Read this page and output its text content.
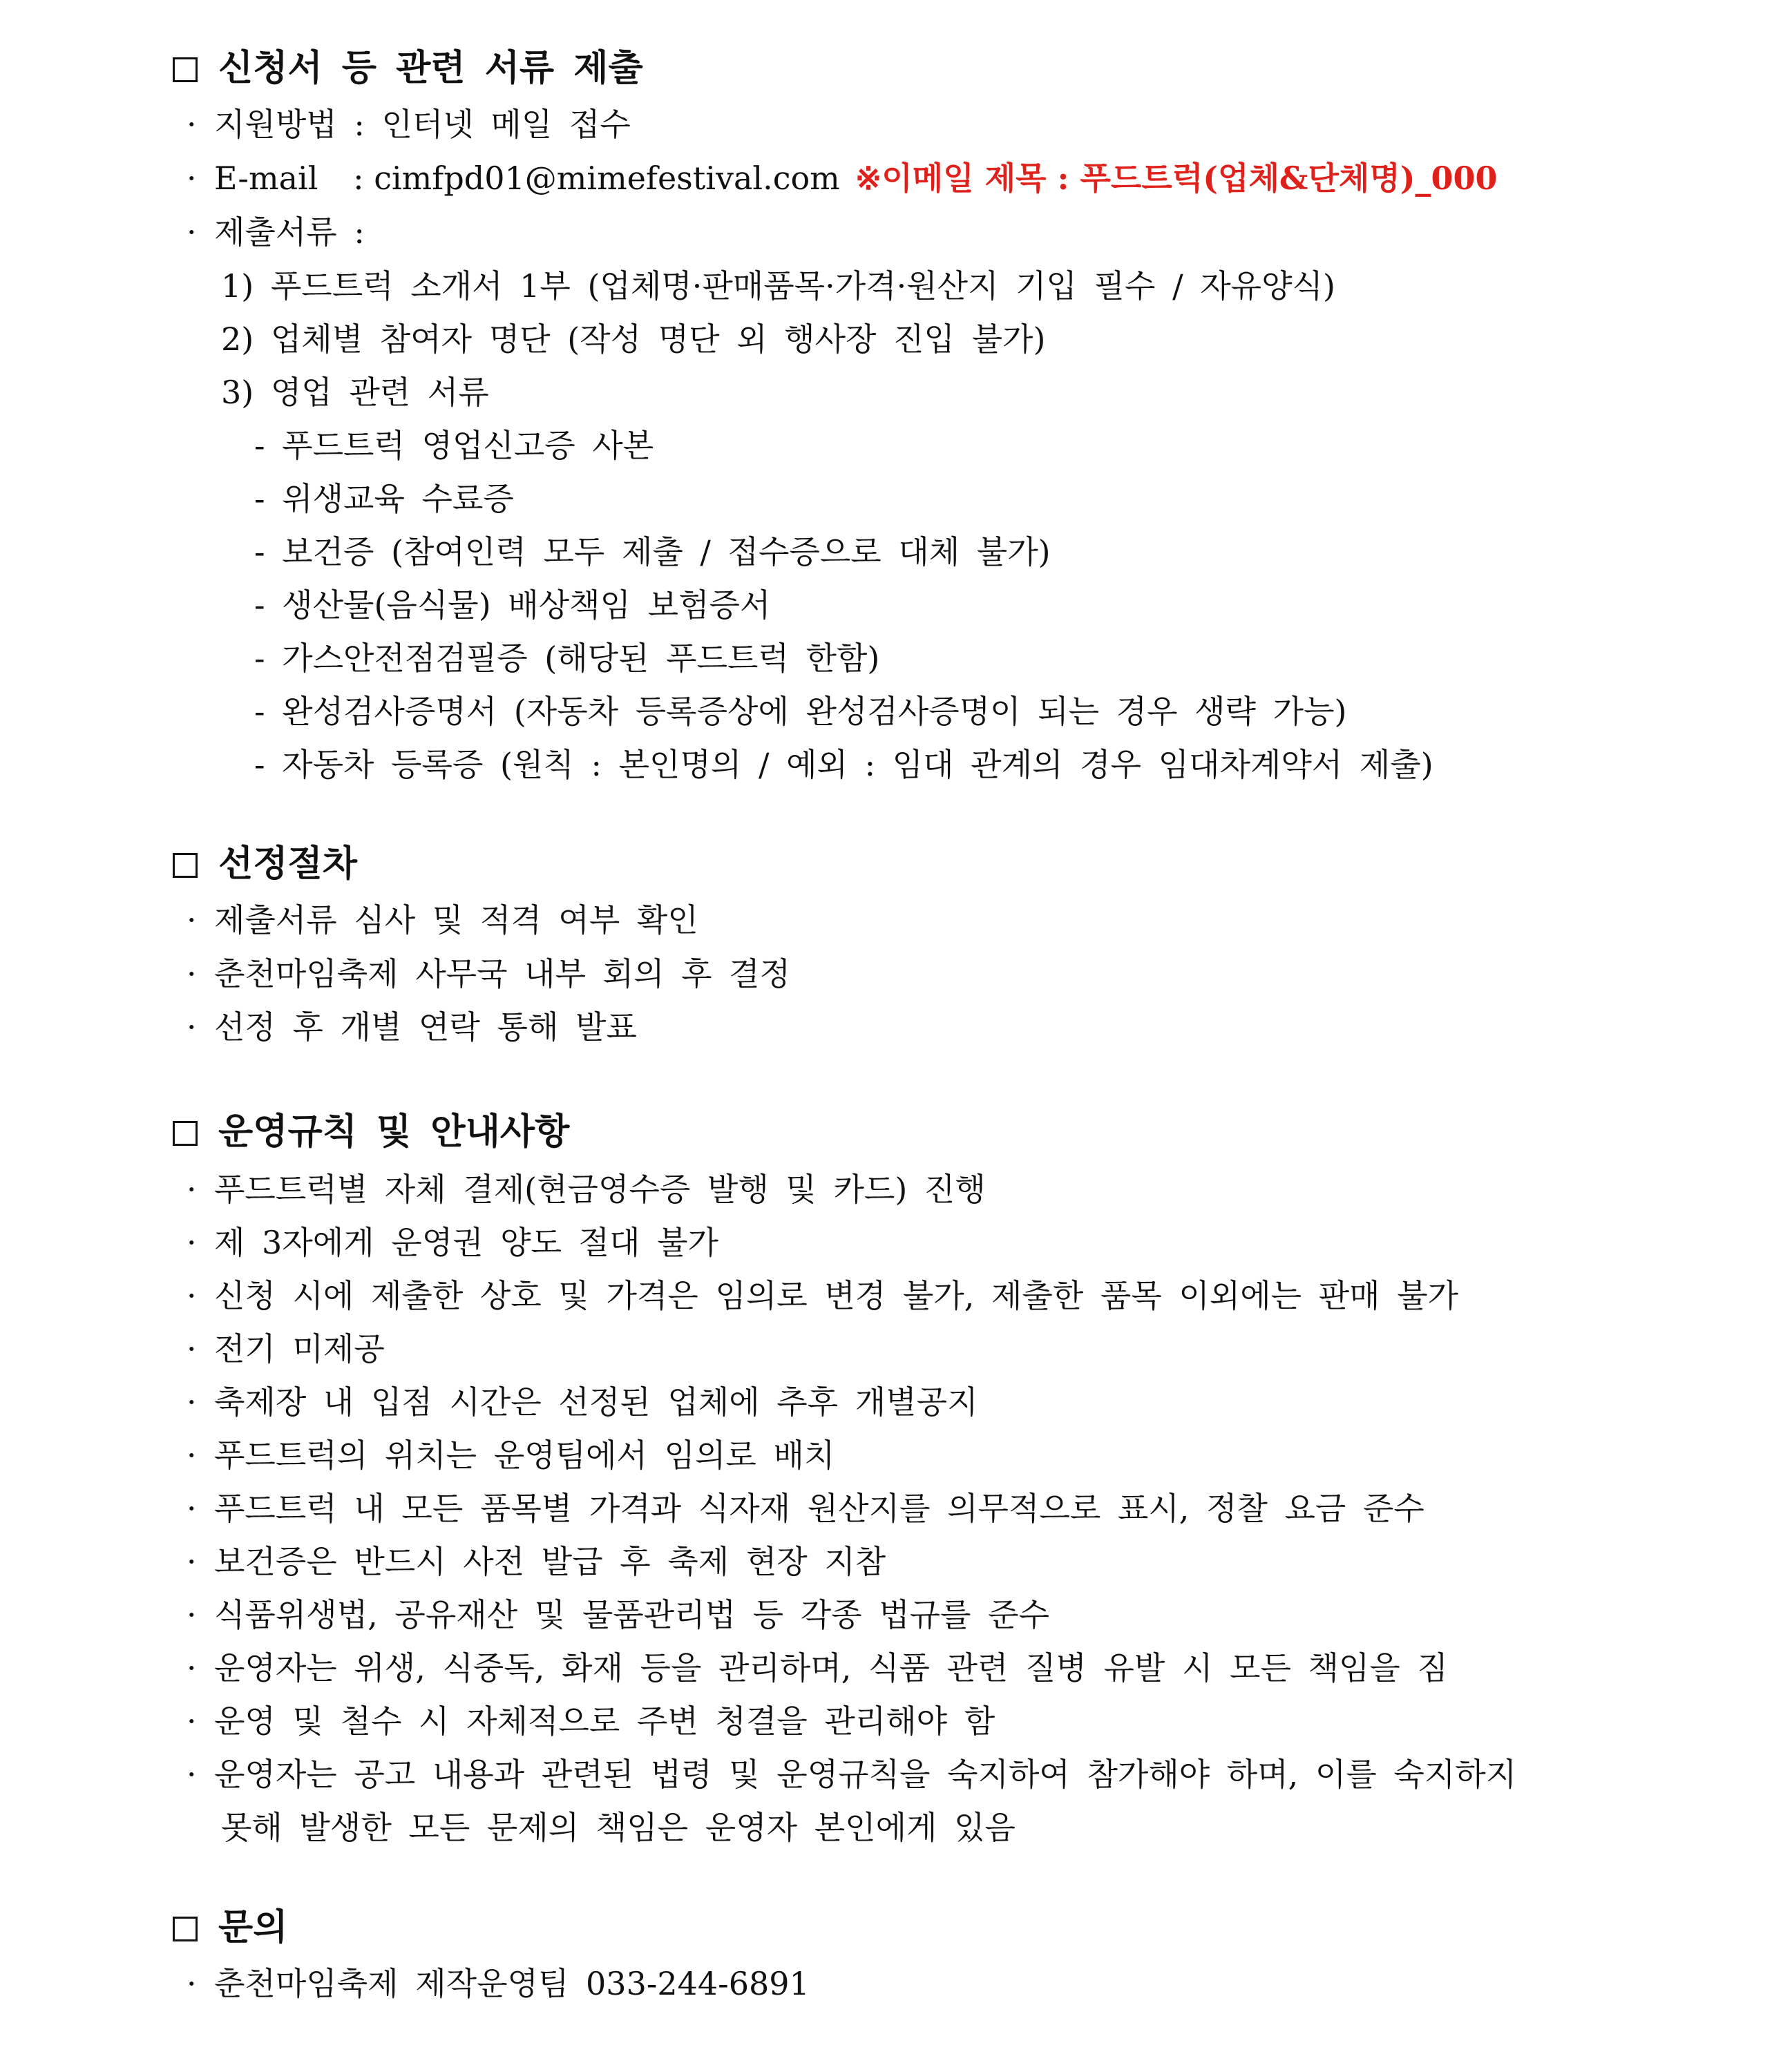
신청서 등 관련 서류 제출
· 지원방법 : 인터넷 메일 접수
· E-mail : cimfpd01@mimefestival.com ※이메일 제목 : 푸드트럭(업체&단체명)_000
· 제출서류 :
1) 푸드트럭 소개서 1부 (업체명·판매품목·가격·원산지 기입 필수 / 자유양식)
2) 업체별 참여자 명단 (작성 명단 외 행사장 진입 불가)
3) 영업 관련 서류
- 푸드트럭 영업신고증 사본
- 위생교육 수료증
- 보건증 (참여인력 모두 제출 / 접수증으로 대체 불가)
- 생산물(음식물) 배상책임 보험증서
- 가스안전점검필증 (해당된 푸드트럭 한함)
- 완성검사증명서 (자동차 등록증상에 완성검사증명이 되는 경우 생략 가능)
- 자동차 등록증 (원칙 : 본인명의 / 예외 : 임대 관계의 경우 임대차계약서 제출)
선정절차
· 제출서류 심사 및 적격 여부 확인
· 춘천마임축제 사무국 내부 회의 후 결정
· 선정 후 개별 연락 통해 발표
운영규칙 및 안내사항
· 푸드트럭별 자체 결제(현금영수증 발행 및 카드) 진행
· 제 3자에게 운영권 양도 절대 불가
· 신청 시에 제출한 상호 및 가격은 임의로 변경 불가, 제출한 품목 이외에는 판매 불가
· 전기 미제공
· 축제장 내 입점 시간은 선정된 업체에 추후 개별공지
· 푸드트럭의 위치는 운영팀에서 임의로 배치
· 푸드트럭 내 모든 품목별 가격과 식자재 원산지를 의무적으로 표시, 정찰 요금 준수
· 보건증은 반드시 사전 발급 후 축제 현장 지참
· 식품위생법, 공유재산 및 물품관리법 등 각종 법규를 준수
· 운영자는 위생, 식중독, 화재 등을 관리하며, 식품 관련 질병 유발 시 모든 책임을 짐
· 운영 및 철수 시 자체적으로 주변 청결을 관리해야 함
· 운영자는 공고 내용과 관련된 법령 및 운영규칙을 숙지하여 참가해야 하며, 이를 숙지하지
못해 발생한 모든 문제의 책임은 운영자 본인에게 있음
문의
· 춘천마임축제 제작운영팀 033-244-6891
